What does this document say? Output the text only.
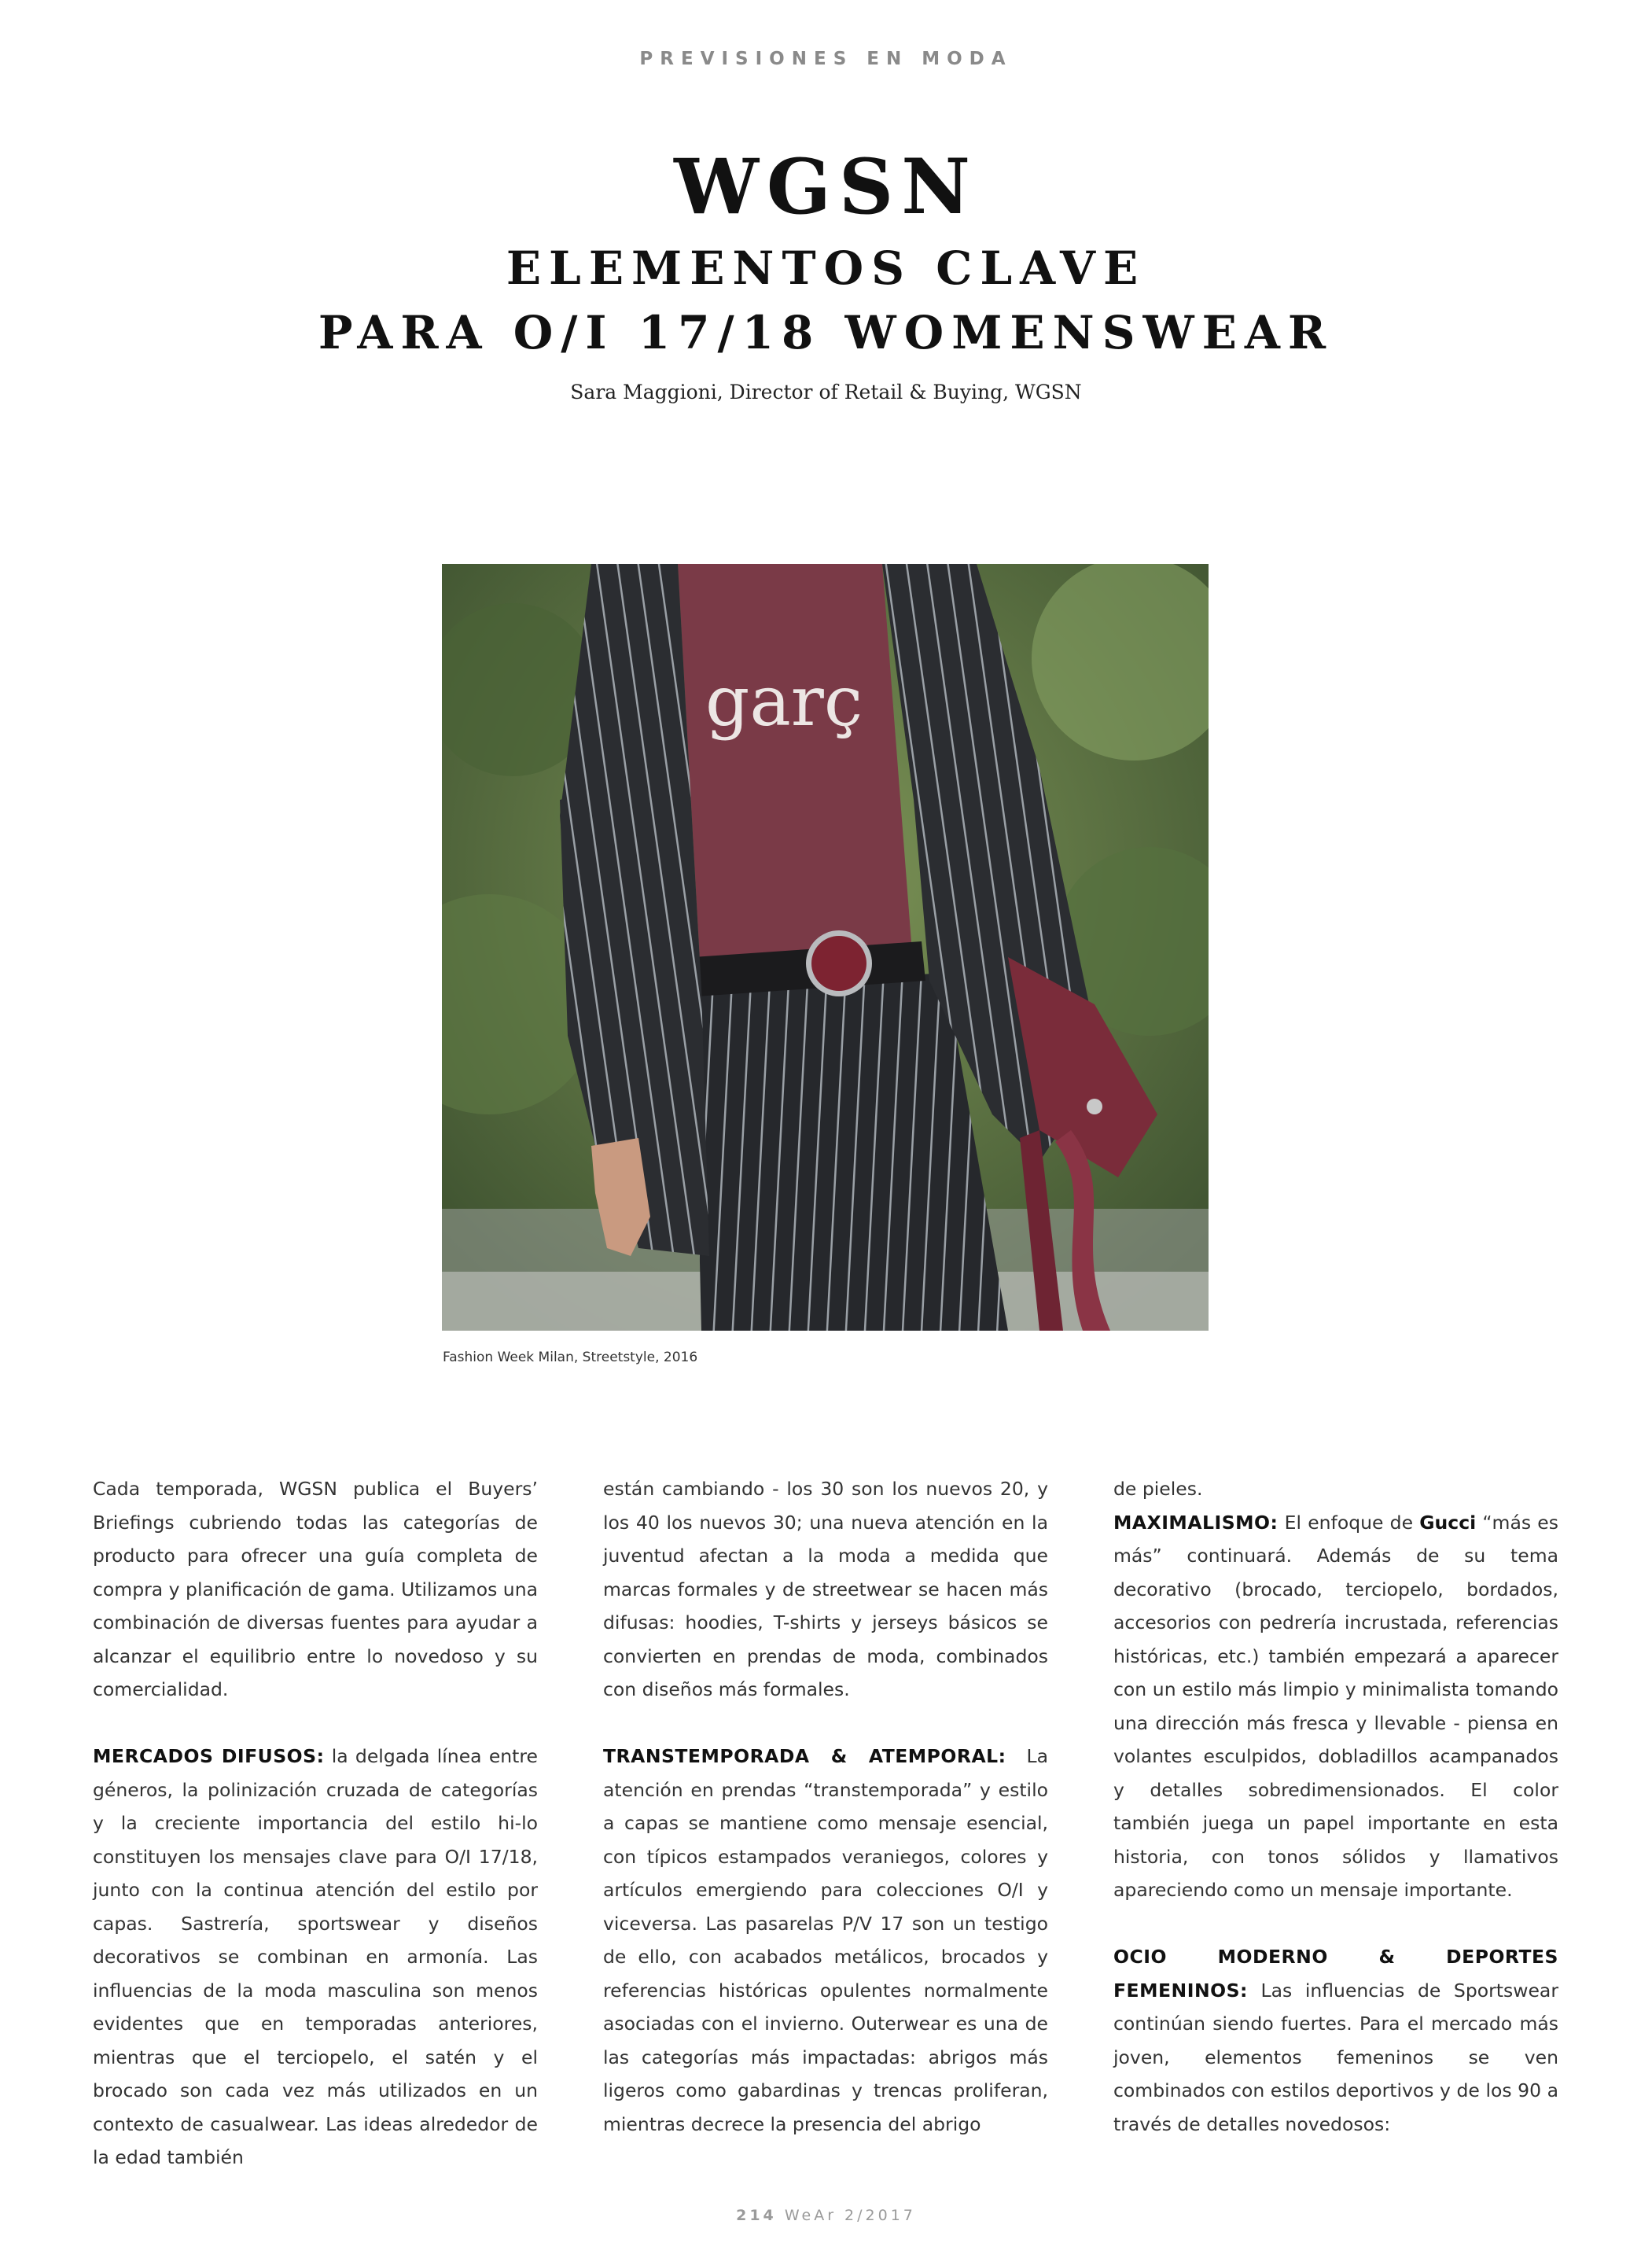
PREVISIONES EN MODA
WGSN
ELEMENTOS CLAVE
PARA O/I 17/18 WOMENSWEAR
Sara Maggioni, Director of Retail & Buying, WGSN
garç
Fashion Week Milan, Streetstyle, 2016

Cada temporada, WGSN publica el Buyers’ Briefings cubriendo todas las categorías de producto para ofrecer una guía completa de compra y planificación de gama. Utilizamos una combinación de diversas fuentes para ayudar a alcanzar el equilibrio entre lo novedoso y su comercialidad.

MERCADOS DIFUSOS: la delgada línea entre géneros, la polinización cruzada de categorías y la creciente importancia del estilo hi-lo constituyen los mensajes clave para O/I 17/18, junto con la continua atención del estilo por capas. Sastrería, sportswear y diseños decorativos se combinan en armonía. Las influencias de la moda masculina son menos evidentes que en temporadas anteriores, mientras que el terciopelo, el satén y el brocado son cada vez más utilizados en un contexto de casualwear. Las ideas alrededor de la edad también

están cambiando - los 30 son los nuevos 20, y los 40 los nuevos 30; una nueva atención en la juventud afectan a la moda a medida que marcas formales y de streetwear se hacen más difusas: hoodies, T-shirts y jerseys básicos se convierten en prendas de moda, combinados con diseños más formales.

TRANSTEMPORADA & ATEMPORAL: La atención en prendas “transtemporada” y estilo a capas se mantiene como mensaje esencial, con típicos estampados veraniegos, colores y artículos emergiendo para colecciones O/I y viceversa. Las pasarelas P/V 17 son un testigo de ello, con acabados metálicos, brocados y referencias históricas opulentes normalmente asociadas con el invierno. Outerwear es una de las categorías más impactadas: abrigos más ligeros como gabardinas y trencas proliferan, mientras decrece la presencia del abrigo

de pieles.

MAXIMALISMO: El enfoque de Gucci “más es más” continuará. Además de su tema decorativo (brocado, terciopelo, bordados, accesorios con pedrería incrustada, referencias históricas, etc.) también empezará a aparecer con un estilo más limpio y minimalista tomando una dirección más fresca y llevable - piensa en volantes esculpidos, dobladillos acampanados y detalles sobredimensionados. El color también juega un papel importante en esta historia, con tonos sólidos y llamativos apareciendo como un mensaje importante.

OCIO MODERNO & DEPORTES FEMENINOS: Las influencias de Sportswear continúan siendo fuertes. Para el mercado más joven, elementos femeninos se ven combinados con estilos deportivos y de los 90 a través de detalles novedosos:

214 WeAr 2/2017
